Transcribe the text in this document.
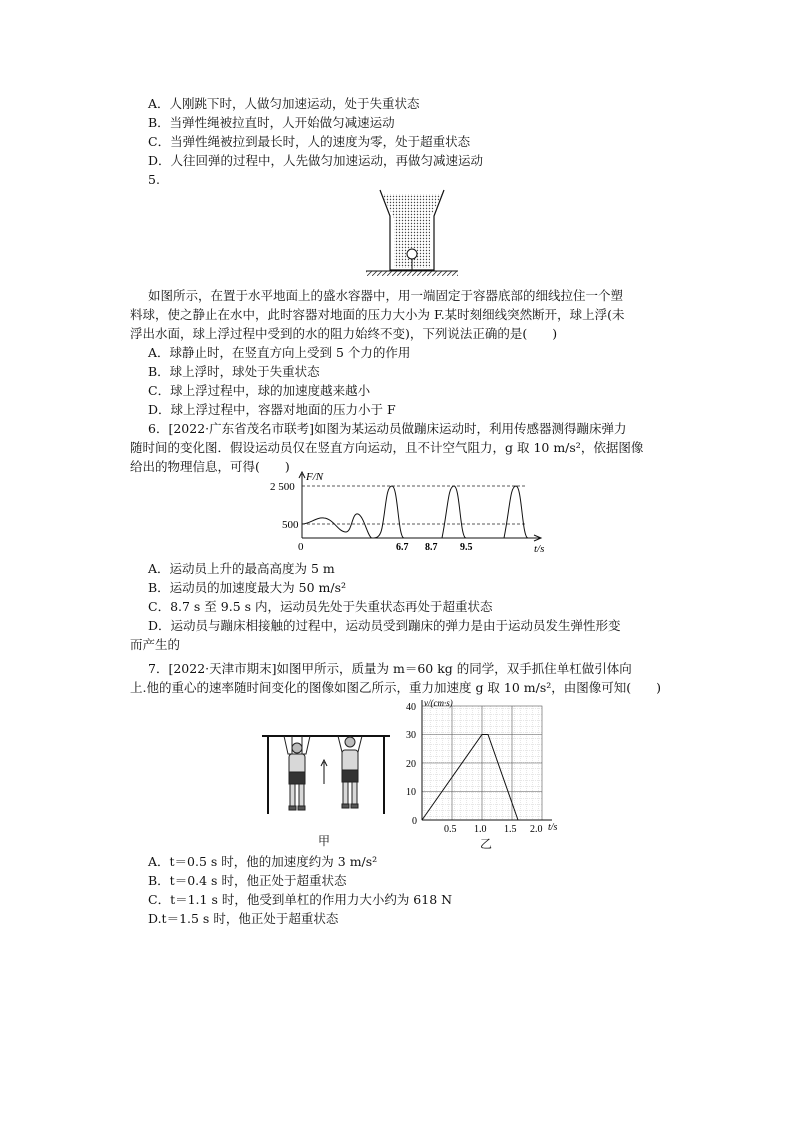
A．人刚跳下时，人做匀加速运动，处于失重状态
B．当弹性绳被拉直时，人开始做匀减速运动
C．当弹性绳被拉到最长时，人的速度为零，处于超重状态
D．人往回弹的过程中，人先做匀加速运动，再做匀减速运动
5.
如图所示，在置于水平地面上的盛水容器中，用一端固定于容器底部的细线拉住一个塑
料球，使之静止在水中，此时容器对地面的压力大小为 F.某时刻细线突然断开，球上浮(未
浮出水面，球上浮过程中受到的水的阻力始终不变)，下列说法正确的是(　　)
A．球静止时，在竖直方向上受到 5 个力的作用
B．球上浮时，球处于失重状态
C．球上浮过程中，球的加速度越来越小
D．球上浮过程中，容器对地面的压力小于 F
6．[2022·广东省茂名市联考]如图为某运动员做蹦床运动时，利用传感器测得蹦床弹力
随时间的变化图．假设运动员仅在竖直方向运动，且不计空气阻力，g 取 10 m/s²，依据图像
给出的物理信息，可得(　　)
F/N
t/s
2 500
500
0	6.7 8.7 9.5
A．运动员上升的最高高度为 5 m
B．运动员的加速度最大为 50 m/s²
C．8.7 s 至 9.5 s 内，运动员先处于失重状态再处于超重状态
D．运动员与蹦床相接触的过程中，运动员受到蹦床的弹力是由于运动员发生弹性形变
而产生的
7．[2022·天津市期末]如图甲所示，质量为 m＝60 kg 的同学，双手抓住单杠做引体向
上.他的重心的速率随时间变化的图像如图乙所示，重力加速度 g 取 10 m/s²，由图像可知(　　)
甲
v/(cm·s)
t/s
40
30
20
10
0
0.5 1.0 1.5 2.0
乙
A．t＝0.5 s 时，他的加速度约为 3 m/s²
B．t＝0.4 s 时，他正处于超重状态
C．t＝1.1 s 时，他受到单杠的作用力大小约为 618 N
D.t＝1.5 s 时，他正处于超重状态
